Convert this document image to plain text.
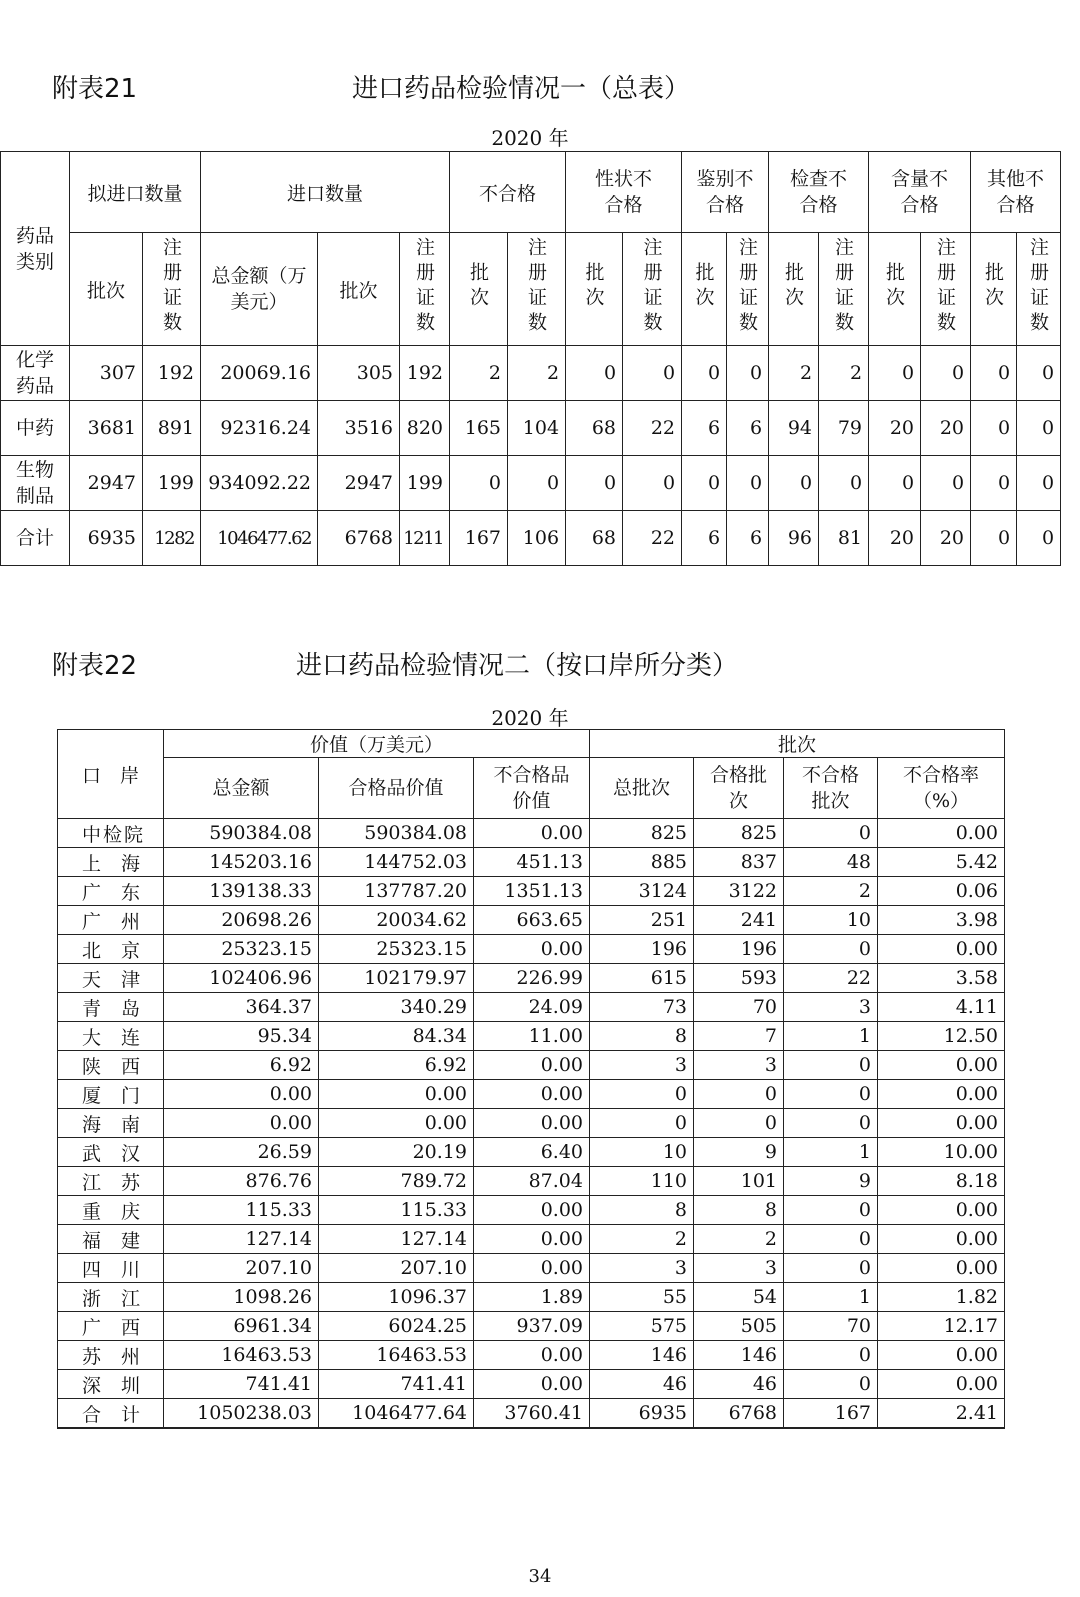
附表21	进口药品检验情况一（总表）
2020 年
药品类别	拟进口数量		进口数量			不合格		性状不合格		鉴别不合格		检查不合格		含量不合格		其他不合格	
	批次	注册证数	总金额（万美元）	批次	注册证数	批次	注册证数	批次	注册证数	批次	注册证数	批次	注册证数	批次	注册证数	批次	注册证数
化学药品	307	192	20069.16	305	192	2	2	0	0	0	0	2	2	0	0	0	0
中药	3681	891	92316.24	3516	820	165	104	68	22	6	6	94	79	20	20	0	0
生物制品	2947	199	934092.22	2947	199	0	0	0	0	0	0	0	0	0	0	0	0
合计	6935	1282	1046477.62	6768	1211	167	106	68	22	6	6	96	81	20	20	0	0
附表22	进口药品检验情况二（按口岸所分类）
2020 年
口　岸	价值（万美元）			批次			
	总金额	合格品价值	不合格品价值	总批次	合格批次	不合格批次	不合格率（%）
中检院	590384.08	590384.08	0.00	825	825	0	0.00
上海	145203.16	144752.03	451.13	885	837	48	5.42
广东	139138.33	137787.20	1351.13	3124	3122	2	0.06
广州	20698.26	20034.62	663.65	251	241	10	3.98
北京	25323.15	25323.15	0.00	196	196	0	0.00
天津	102406.96	102179.97	226.99	615	593	22	3.58
青岛	364.37	340.29	24.09	73	70	3	4.11
大连	95.34	84.34	11.00	8	7	1	12.50
陕西	6.92	6.92	0.00	3	3	0	0.00
厦门	0.00	0.00	0.00	0	0	0	0.00
海南	0.00	0.00	0.00	0	0	0	0.00
武汉	26.59	20.19	6.40	10	9	1	10.00
江苏	876.76	789.72	87.04	110	101	9	8.18
重庆	115.33	115.33	0.00	8	8	0	0.00
福建	127.14	127.14	0.00	2	2	0	0.00
四川	207.10	207.10	0.00	3	3	0	0.00
浙江	1098.26	1096.37	1.89	55	54	1	1.82
广西	6961.34	6024.25	937.09	575	505	70	12.17
苏州	16463.53	16463.53	0.00	146	146	0	0.00
深圳	741.41	741.41	0.00	46	46	0	0.00
合计	1050238.03	1046477.64	3760.41	6935	6768	167	2.41
34
